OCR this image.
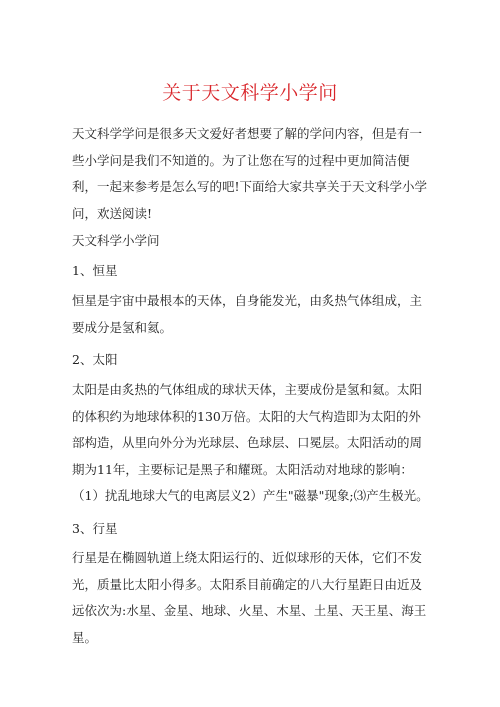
关于天文科学小学问

天文科学学问是很多天文爱好者想要了解的学问内容，但是有一些小学问是我们不知道的。为了让您在写的过程中更加简洁便利，一起来参考是怎么写的吧!下面给大家共享关于天文科学小学问，欢送阅读!

天文科学小学问

1、恒星

恒星是宇宙中最根本的天体，自身能发光，由炙热气体组成，主要成分是氢和氦。

2、太阳

太阳是由炙热的气体组成的球状天体，主要成份是氢和氦。太阳的体积约为地球体积的130万倍。太阳的大气构造即为太阳的外部构造，从里向外分为光球层、色球层、口冕层。太阳活动的周期为11年，主要标记是黑子和耀斑。太阳活动对地球的影响：（1）扰乱地球大气的电离层义2）产生"磁暴"现象;⑶产生极光。

3、行星

行星是在椭圆轨道上绕太阳运行的、近似球形的天体，它们不发光，质量比太阳小得多。太阳系目前确定的八大行星距日由近及远依次为:水星、金星、地球、火星、木星、土星、天王星、海王星。
